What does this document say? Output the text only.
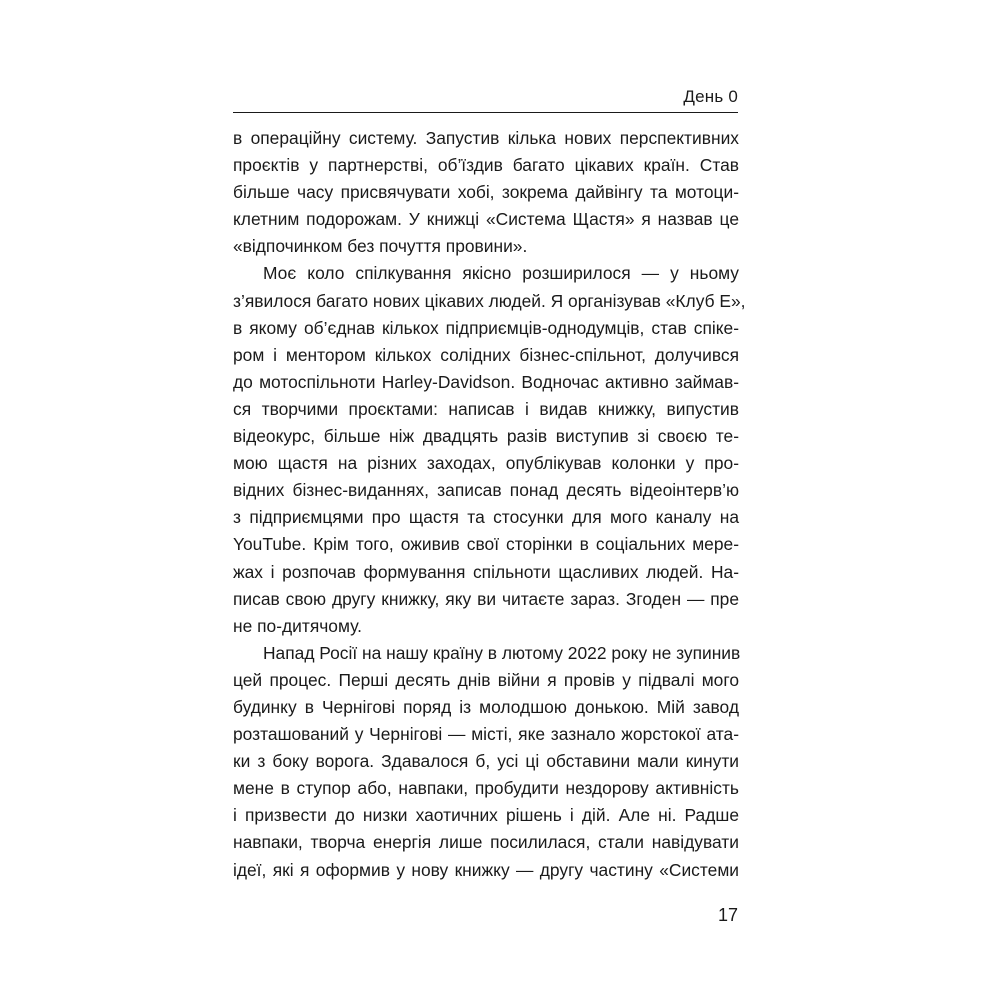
День 0
в операційну систему. Запустив кілька нових перспективних
проєктів у партнерстві, об’їздив багато цікавих країн. Став
більше часу присвячувати хобі, зокрема дайвінгу та мотоци-
клетним подорожам. У книжці «Система Щастя» я назвав це
«відпочинком без почуття провини».
Моє коло спілкування якісно розширилося — у ньому
з’явилося багато нових цікавих людей. Я організував «Клуб Е»,
в якому об’єднав кількох підприємців-однодумців, став спіке-
ром і ментором кількох солідних бізнес-спільнот, долучився
до мотоспільноти Harley-Davidson. Водночас активно займав-
ся творчими проєктами: написав і видав книжку, випустив
відеокурс, більше ніж двадцять разів виступив зі своєю те-
мою щастя на різних заходах, опублікував колонки у про-
відних бізнес-виданнях, записав понад десять відеоінтерв’ю
з підприємцями про щастя та стосунки для мого каналу на
YouTube. Крім того, оживив свої сторінки в соціальних мере-
жах і розпочав формування спільноти щасливих людей. На-
писав свою другу книжку, яку ви читаєте зараз. Згоден — пре
не по-дитячому.
Напад Росії на нашу країну в лютому 2022 року не зупинив
цей процес. Перші десять днів війни я провів у підвалі мого
будинку в Чернігові поряд із молодшою донькою. Мій завод
розташований у Чернігові — місті, яке зазнало жорстокої ата-
ки з боку ворога. Здавалося б, усі ці обставини мали кинути
мене в ступор або, навпаки, пробудити нездорову активність
і призвести до низки хаотичних рішень і дій. Але ні. Радше
навпаки, творча енергія лише посилилася, стали навідувати
ідеї, які я оформив у нову книжку — другу частину «Системи
17
